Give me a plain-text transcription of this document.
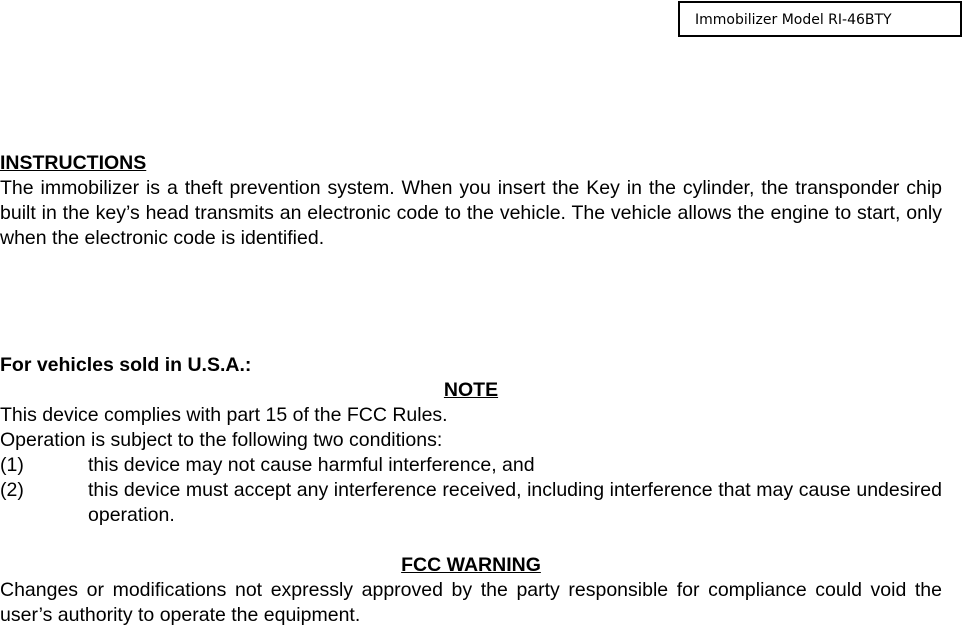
Immobilizer Model RI-46BTY
INSTRUCTIONS

The immobilizer is a theft prevention system. When you insert the Key in the cylinder, the transponder chip built in the key’s head transmits an electronic code to the vehicle. The vehicle allows the engine to start, only when the electronic code is identified.

For vehicles sold in U.S.A.:
NOTE
This device complies with part 15 of the FCC Rules.
Operation is subject to the following two conditions:
(1)	this device may not cause harmful interference, and
(2)	this device must accept any interference received, including interference that may cause undesired operation.
FCC WARNING

Changes or modifications not expressly approved by the party responsible for compliance could void the user’s authority to operate the equipment.
